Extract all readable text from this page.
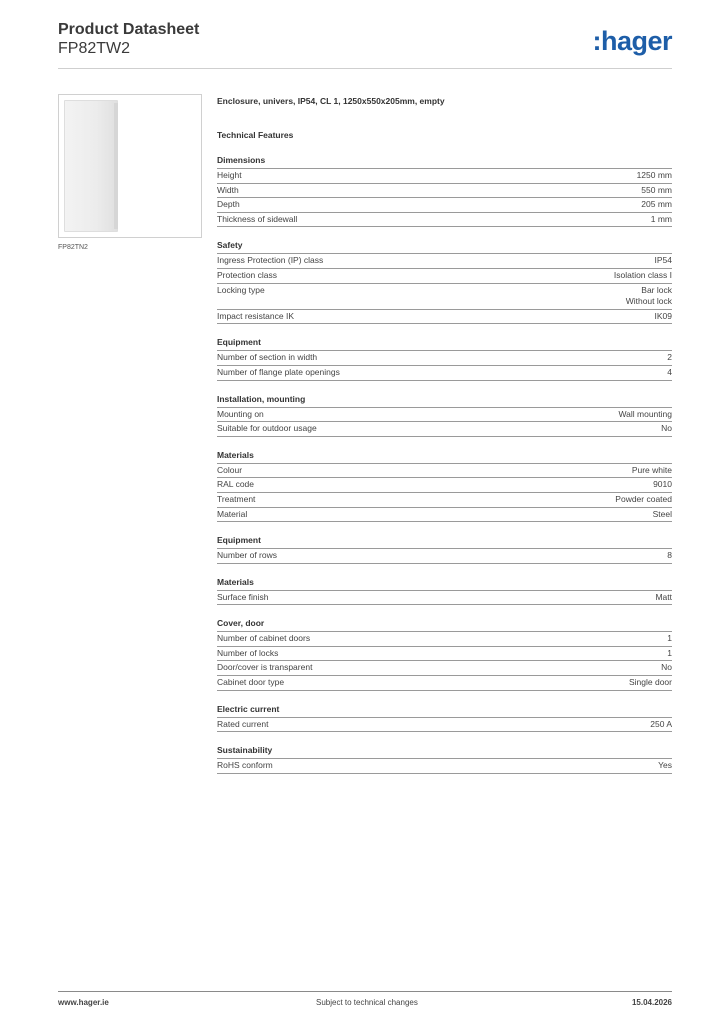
Product Datasheet
FP82TW2	:hager
FP82TN2
Enclosure, univers, IP54, CL 1, 1250x550x205mm, empty
Technical Features
Dimensions
Height	1250 mm
Width	550 mm
Depth	205 mm
Thickness of sidewall	1 mm
Safety
Ingress Protection (IP) class	IP54
Protection class	Isolation class I
Locking type	Bar lock
Without lock
Impact resistance IK	IK09
Equipment
Number of section in width	2
Number of flange plate openings	4
Installation, mounting
Mounting on	Wall mounting
Suitable for outdoor usage	No
Materials
Colour	Pure white
RAL code	9010
Treatment	Powder coated
Material	Steel
Equipment
Number of rows	8
Materials
Surface finish	Matt
Cover, door
Number of cabinet doors	1
Number of locks	1
Door/cover is transparent	No
Cabinet door type	Single door
Electric current
Rated current	250 A
Sustainability
RoHS conform	Yes
www.hager.ie	Subject to technical changes	15.04.2026
